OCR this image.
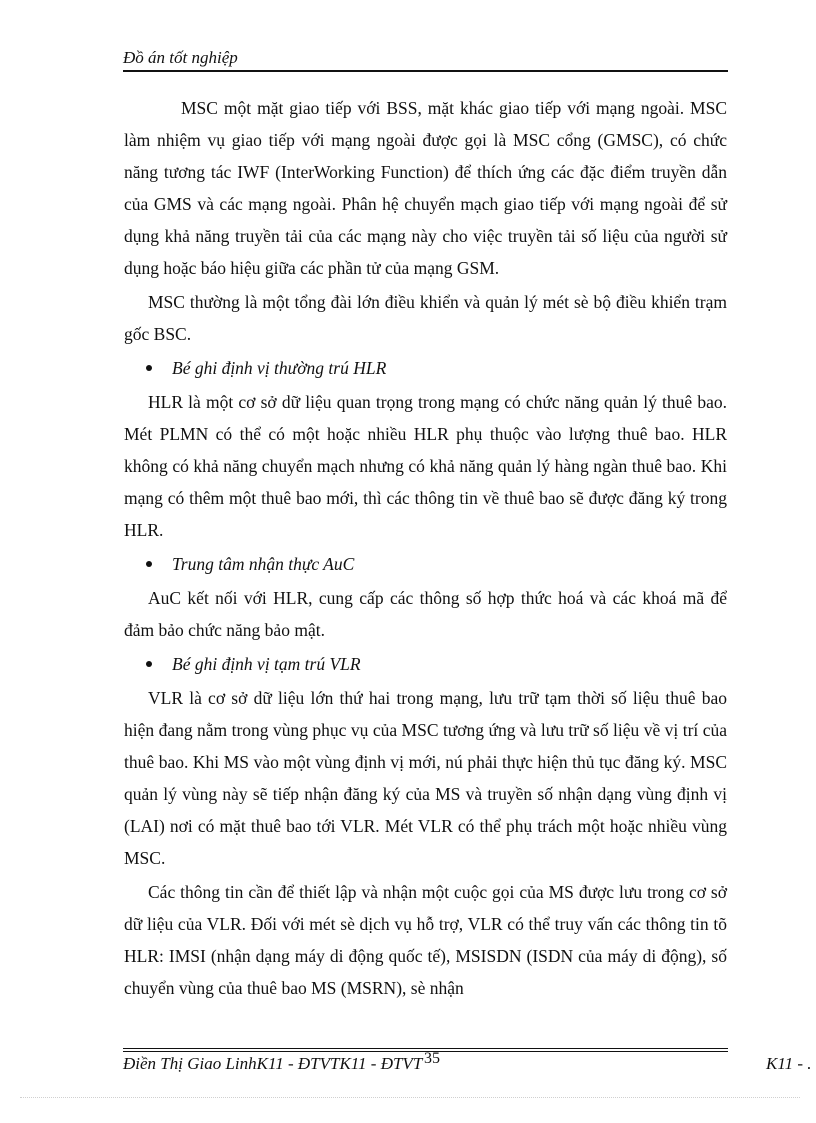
Đồ án tốt nghiệp

MSC một mặt giao tiếp với BSS, mặt khác giao tiếp với mạng ngoài. MSC làm nhiệm vụ giao tiếp với mạng ngoài được gọi là MSC cổng (GMSC), có chức năng tương tác IWF (InterWorking Function) để thích ứng các đặc điểm truyền dẫn của GMS và các mạng ngoài. Phân hệ chuyển mạch giao tiếp với mạng ngoài để sử dụng khả năng truyền tải của các mạng này cho việc truyền tải số liệu của người sử dụng hoặc báo hiệu giữa các phần tử của mạng GSM.

MSC thường là một tổng đài lớn điều khiển và quản lý mét sè bộ điều khiển trạm gốc BSC.

Bé ghi định vị thường trú HLR

HLR là một cơ sở dữ liệu quan trọng trong mạng có chức năng quản lý thuê bao. Mét PLMN có thể có một hoặc nhiều HLR phụ thuộc vào lượng thuê bao. HLR không có khả năng chuyển mạch nhưng có khả năng quản lý hàng ngàn thuê bao. Khi mạng có thêm một thuê bao mới, thì các thông tin về thuê bao sẽ được đăng ký trong HLR.

Trung tâm nhận thực AuC

AuC kết nối với HLR, cung cấp các thông số hợp thức hoá và các khoá mã để đảm bảo chức năng bảo mật.

Bé ghi định vị tạm trú VLR

VLR là cơ sở dữ liệu lớn thứ hai trong mạng, lưu trữ tạm thời số liệu thuê bao hiện đang nằm trong vùng phục vụ của MSC tương ứng và lưu trữ số liệu về vị trí của thuê bao. Khi MS vào một vùng định vị mới, nú phải thực hiện thủ tục đăng ký. MSC quản lý vùng này sẽ tiếp nhận đăng ký của MS và truyền số nhận dạng vùng định vị (LAI) nơi có mặt thuê bao tới VLR. Mét VLR có thể phụ trách một hoặc nhiều vùng MSC.

Các thông tin cần để thiết lập và nhận một cuộc gọi của MS được lưu trong cơ sở dữ liệu của VLR. Đối với mét sè dịch vụ hỗ trợ, VLR có thể truy vấn các thông tin tõ HLR: IMSI (nhận dạng máy di động quốc tế), MSISDN (ISDN của máy di động), số chuyển vùng của thuê bao MS (MSRN), sè nhận

Điền Thị Giao LinhK11 - ĐTVTK11 - ĐTVT 35	K11 - .
